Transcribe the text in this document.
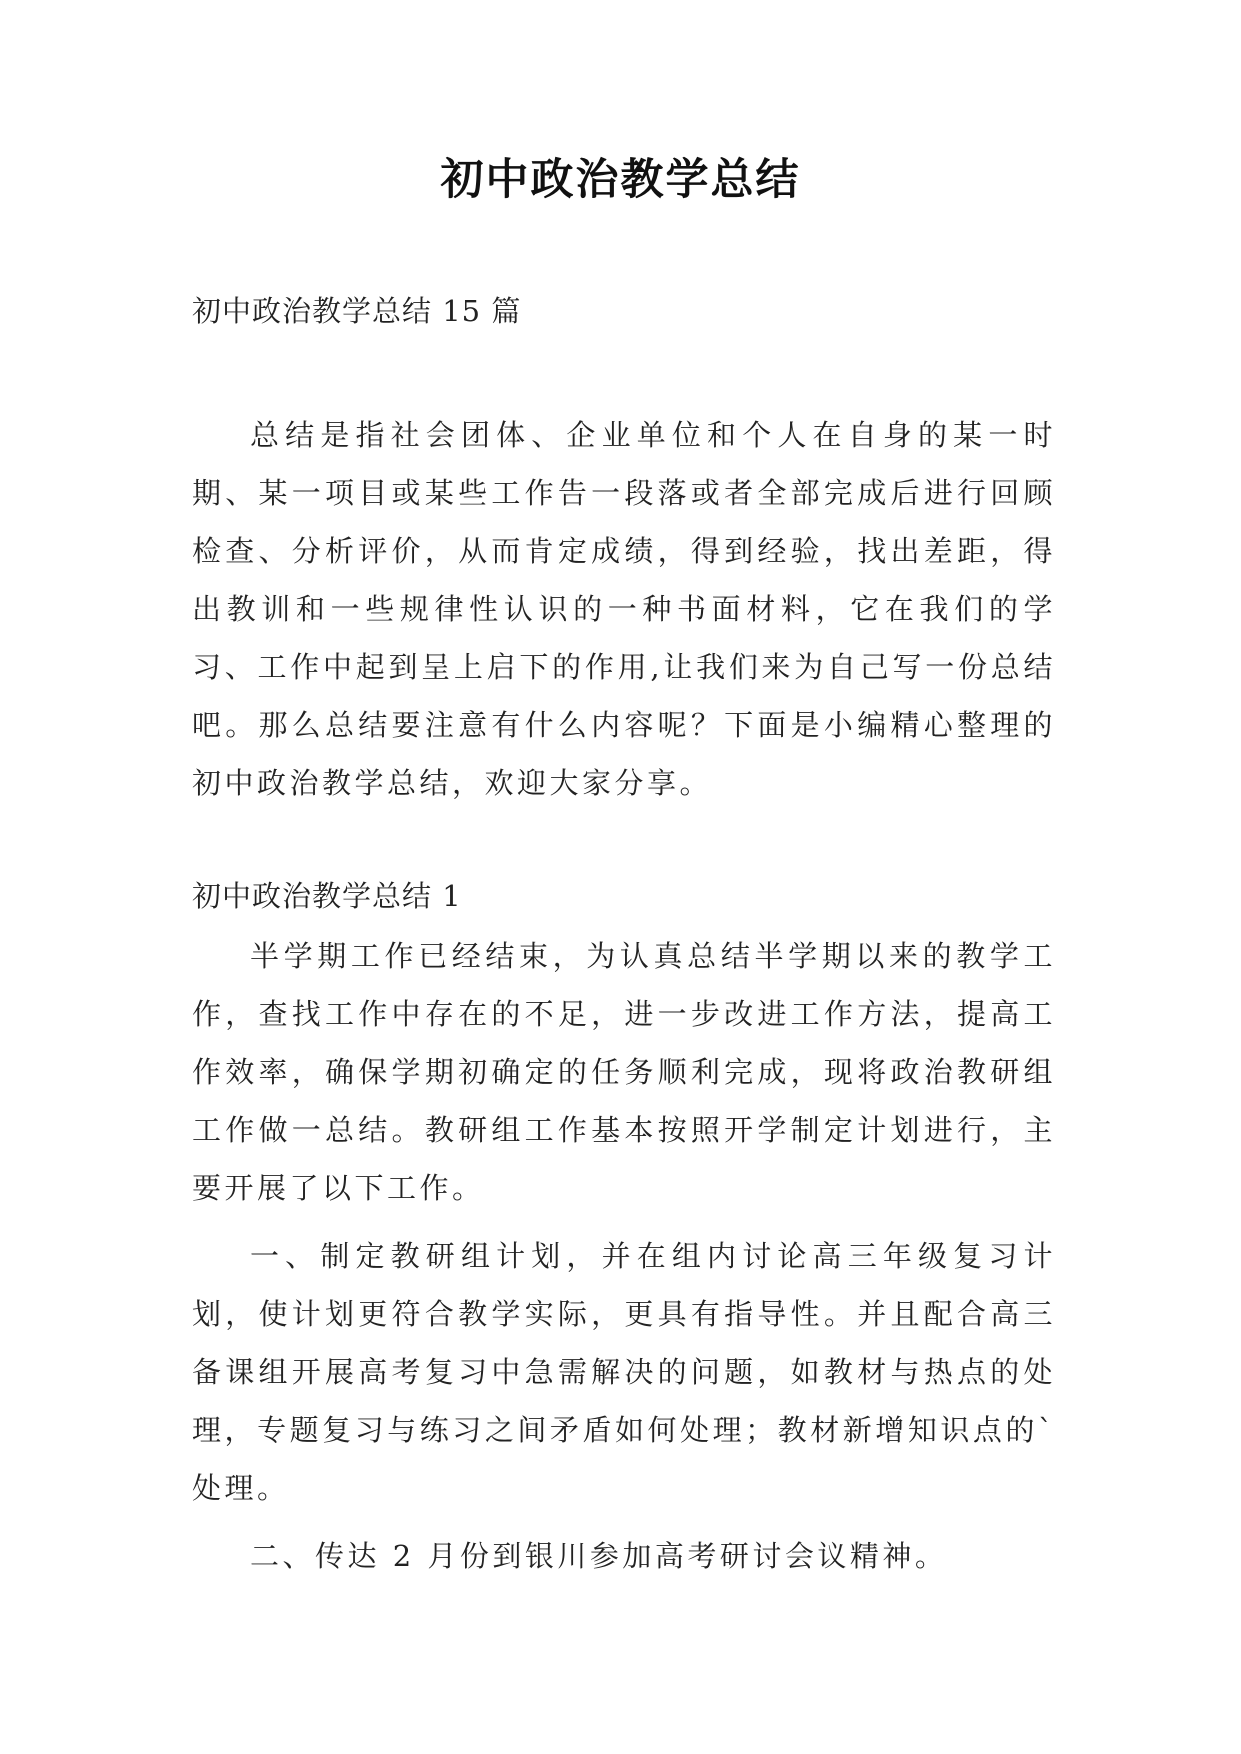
初中政治教学总结
初中政治教学总结 15 篇

总结是指社会团体、企业单位和个人在自身的某一时期、某一项目或某些工作告一段落或者全部完成后进行回顾检查、分析评价，从而肯定成绩，得到经验，找出差距，得出教训和一些规律性认识的一种书面材料，它在我们的学习、工作中起到呈上启下的作用,让我们来为自己写一份总结吧。那么总结要注意有什么内容呢？下面是小编精心整理的初中政治教学总结，欢迎大家分享。

初中政治教学总结 1

半学期工作已经结束，为认真总结半学期以来的教学工作，查找工作中存在的不足，进一步改进工作方法，提高工作效率，确保学期初确定的任务顺利完成，现将政治教研组工作做一总结。教研组工作基本按照开学制定计划进行，主要开展了以下工作。

一、制定教研组计划，并在组内讨论高三年级复习计划，使计划更符合教学实际，更具有指导性。并且配合高三备课组开展高考复习中急需解决的问题，如教材与热点的处理，专题复习与练习之间矛盾如何处理；教材新增知识点的`处理。

二、传达 2 月份到银川参加高考研讨会议精神。
